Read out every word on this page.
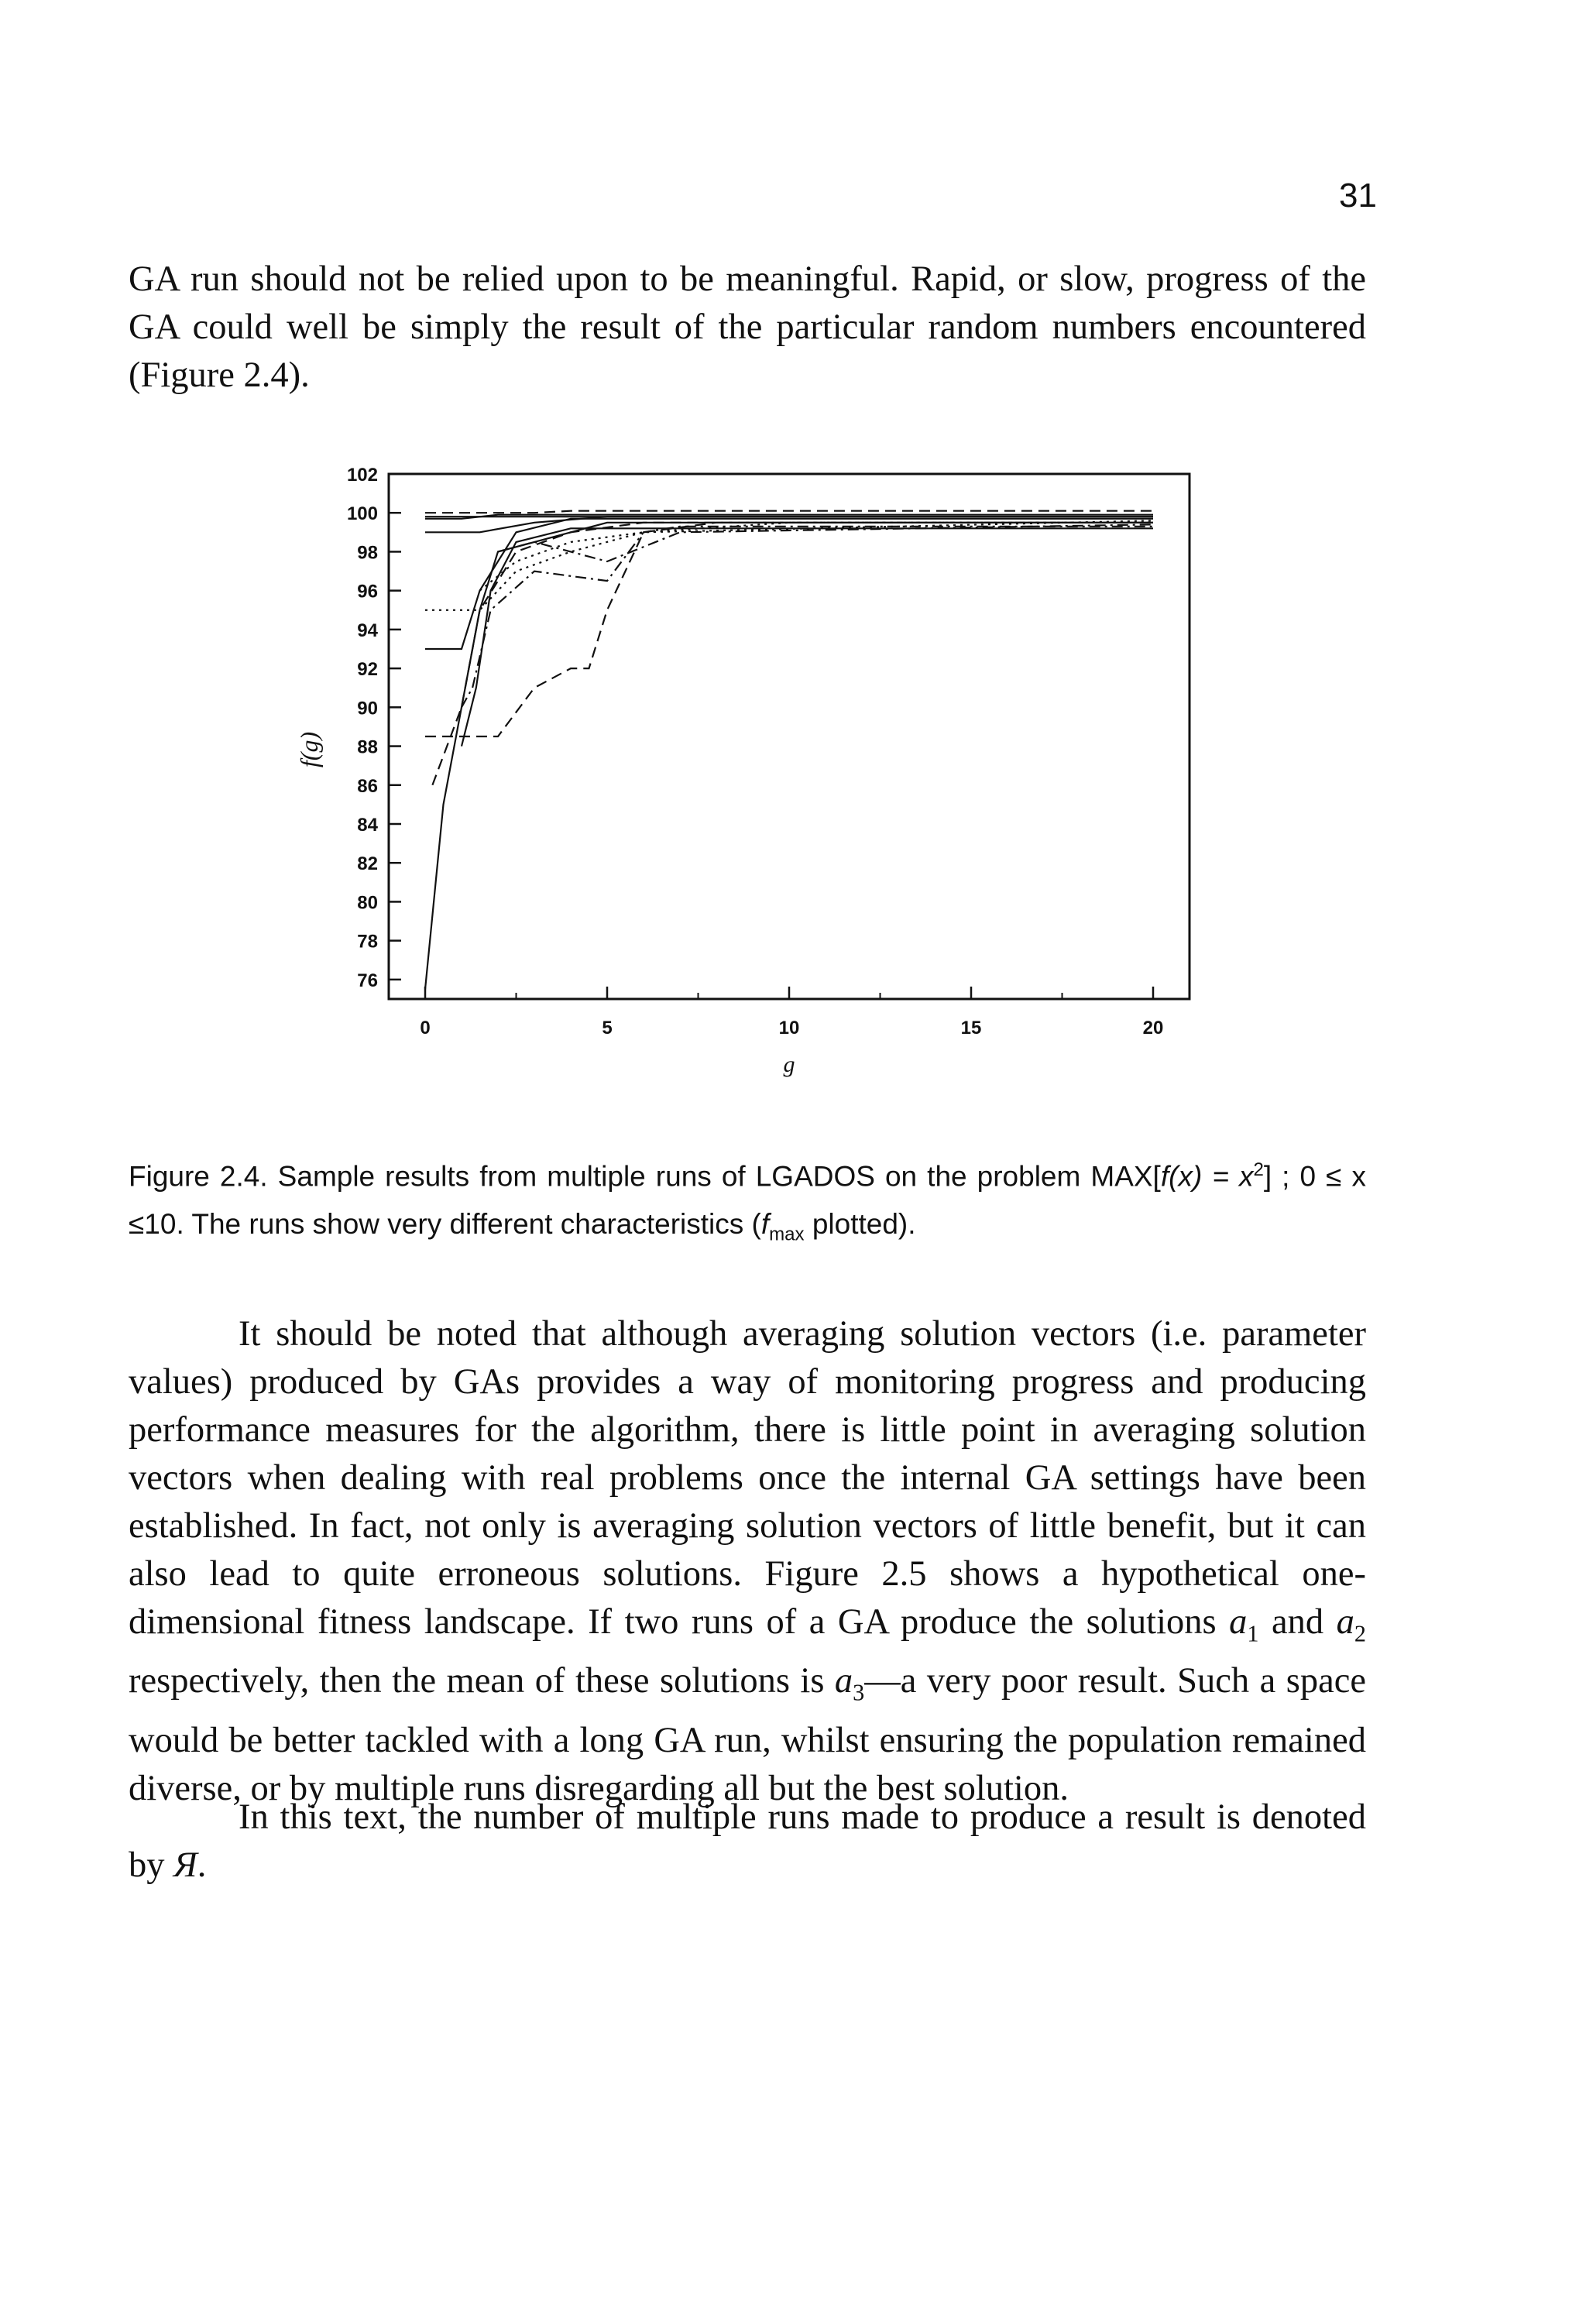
31

GA run should not be relied upon to be meaningful. Rapid, or slow, progress of the GA could well be simply the result of the particular random numbers encountered (Figure 2.4).

76
78
80
82
84
86
88
90
92
94
96
98
100
102
0	5	10	15	20
g
f(g)

Figure 2.4. Sample results from multiple runs of LGADOS on the problem $MAX[f(x) = x^2]$ ; 0 ≤ x ≤10. The runs show very different characteristics ($f_{max}$ plotted).

It should be noted that although averaging solution vectors (i.e. parameter values) produced by GAs provides a way of monitoring progress and producing performance measures for the algorithm, there is little point in averaging solution vectors when dealing with real problems once the internal GA settings have been established. In fact, not only is averaging solution vectors of little benefit, but it can also lead to quite erroneous solutions. Figure 2.5 shows a hypothetical one-dimensional fitness landscape. If two runs of a GA produce the solutions $a_1$ and $a_2$ respectively, then the mean of these solutions is $a_3—a$ very poor result. Such a space would be better tackled with a long GA run, whilst ensuring the population remained diverse, or by multiple runs disregarding all but the best solution.

In this text, the number of multiple runs made to produce a result is denoted by Я.
